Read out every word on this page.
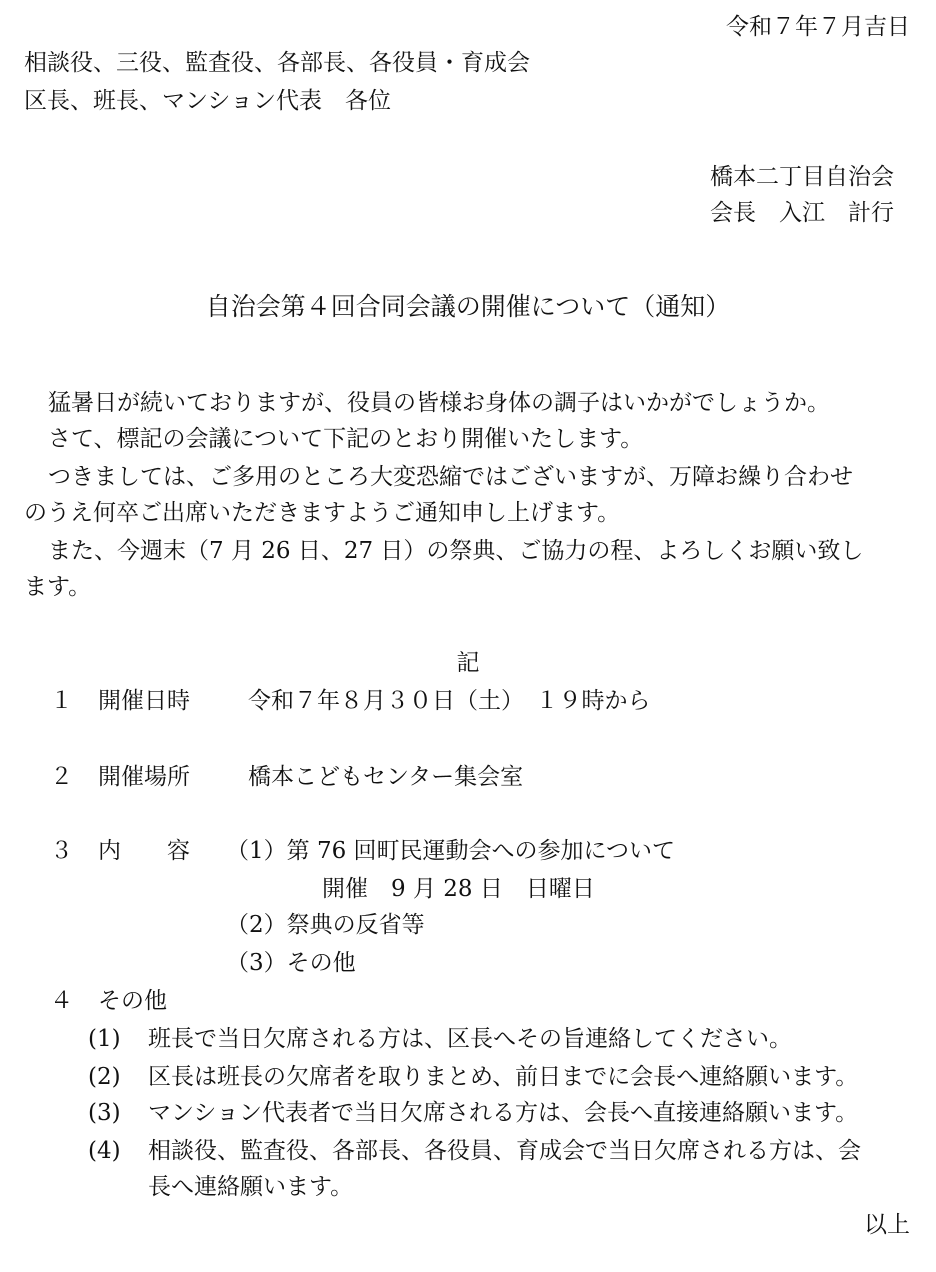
令和７年７月吉日
相談役、三役、監査役、各部長、各役員・育成会
区長、班長、マンション代表　各位
橋本二丁目自治会
会長　入江　計行
自治会第４回合同会議の開催について（通知）
猛暑日が続いておりますが、役員の皆様お身体の調子はいかがでしょうか。
さて、標記の会議について下記のとおり開催いたします。
つきましては、ご多用のところ大変恐縮ではございますが、万障お繰り合わせ
のうえ何卒ご出席いただきますようご通知申し上げます。
また、今週末（7 月 26 日、27 日）の祭典、ご協力の程、よろしくお願い致し
ます。
記
１ 開催日時	令和７年８月３０日（土）　１９時から
２ 開催場所	橋本こどもセンター集会室
３ 内　　容 （1）第 76 回町民運動会への参加について
開催　9 月 28 日　日曜日
（2）祭典の反省等
（3）その他
４ その他
(1) 班長で当日欠席される方は、区長へその旨連絡してください。
(2) 区長は班長の欠席者を取りまとめ、前日までに会長へ連絡願います。
(3) マンション代表者で当日欠席される方は、会長へ直接連絡願います。
(4) 相談役、監査役、各部長、各役員、育成会で当日欠席される方は、会
長へ連絡願います。
以上
